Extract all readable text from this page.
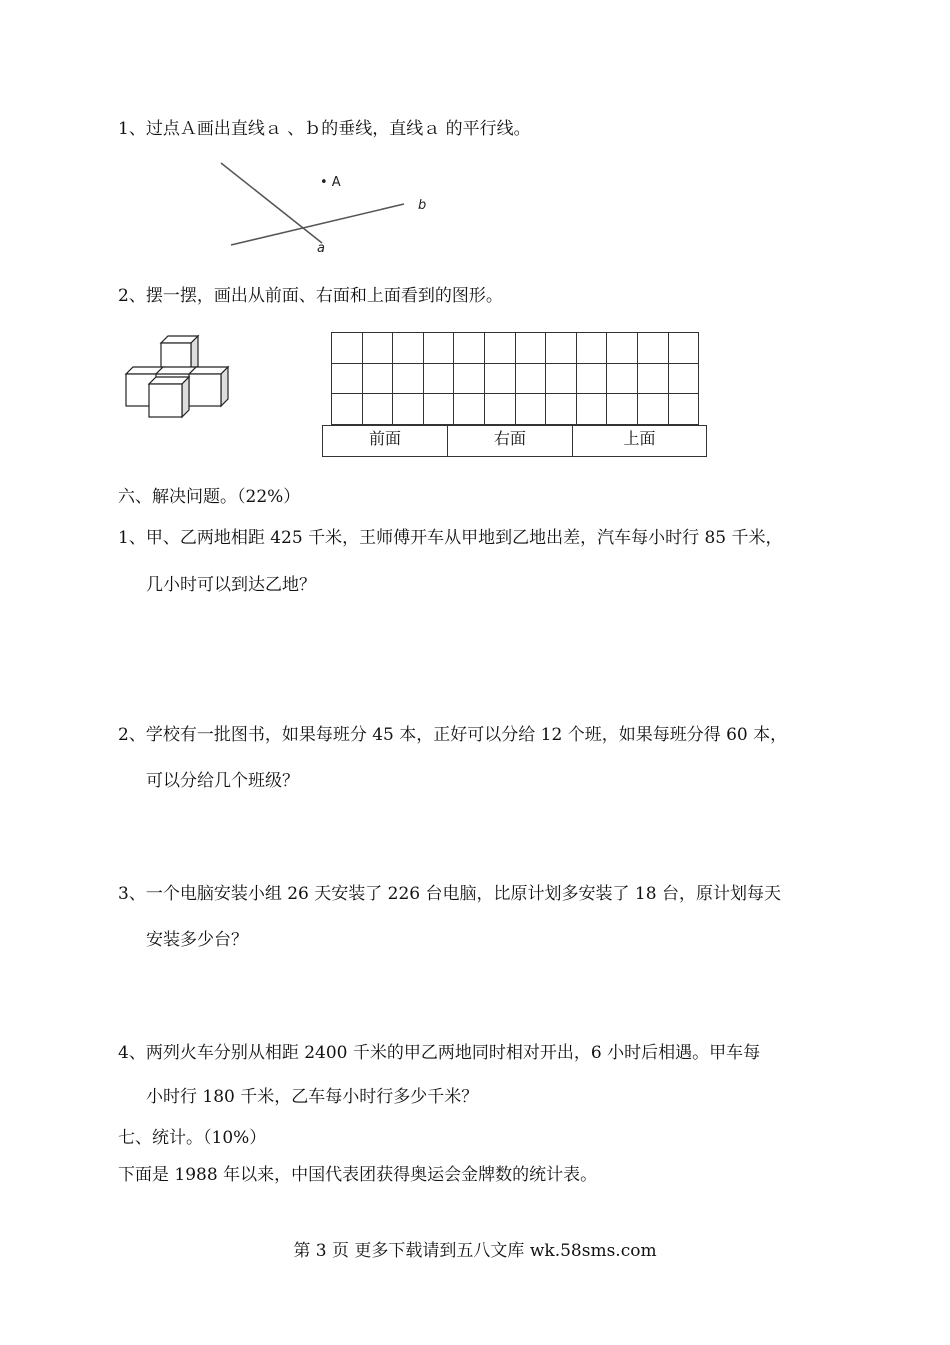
1、过点Ａ画出直线ａ 、ｂ的垂线，直线ａ 的平行线。
a
b
• A
2、摆一摆，画出从前面、右面和上面看到的图形。

前面	右面	上面
六、解决问题。（22%）
1、甲、乙两地相距 425 千米，王师傅开车从甲地到乙地出差，汽车每小时行 85 千米，
几小时可以到达乙地？
2、学校有一批图书，如果每班分 45 本，正好可以分给 12 个班，如果每班分得 60 本，
可以分给几个班级？
3、一个电脑安装小组 26 天安装了 226 台电脑，比原计划多安装了 18 台，原计划每天
安装多少台？
4、两列火车分别从相距 2400 千米的甲乙两地同时相对开出，6 小时后相遇。甲车每
小时行 180 千米，乙车每小时行多少千米？
七、统计。（10%）
下面是 1988 年以来，中国代表团获得奥运会金牌数的统计表。
第 3 页 更多下载请到五八文库 wk.58sms.com
